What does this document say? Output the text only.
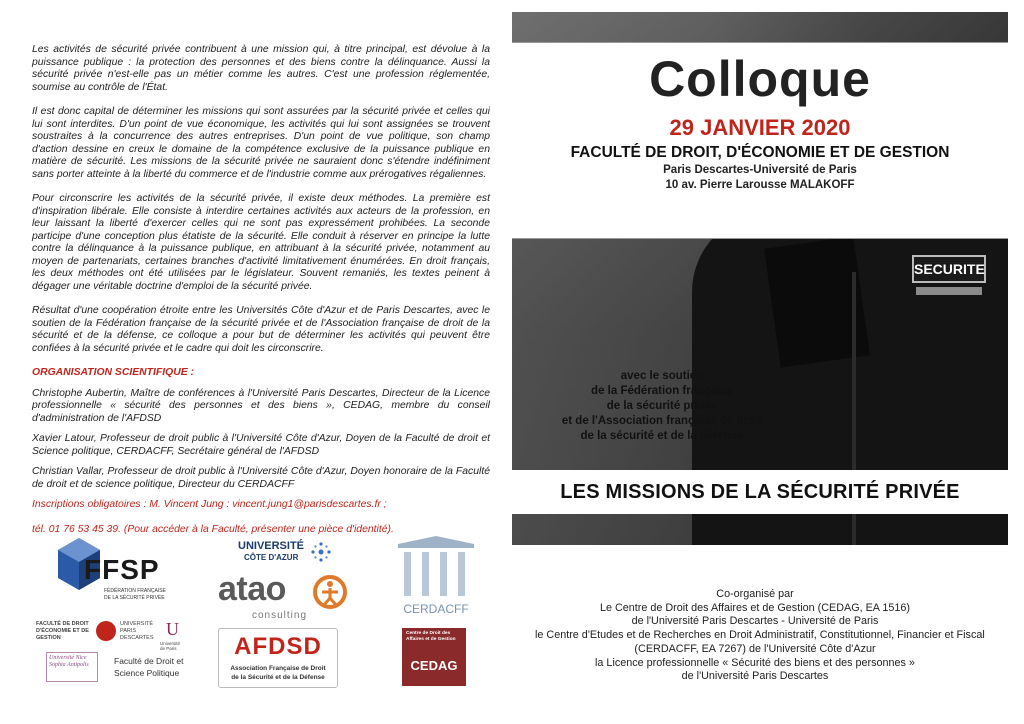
Les activités de sécurité privée contribuent à une mission qui, à titre principal, est dévolue à la puissance publique : la protection des personnes et des biens contre la délinquance. Aussi la sécurité privée n'est-elle pas un métier comme les autres. C'est une profession réglementée, soumise au contrôle de l'État.

Il est donc capital de déterminer les missions qui sont assurées par la sécurité privée et celles qui lui sont interdites. D'un point de vue économique, les activités qui lui sont assignées se trouvent soustraites à la concurrence des autres entreprises. D'un point de vue politique, son champ d'action dessine en creux le domaine de la compétence exclusive de la puissance publique en matière de sécurité. Les missions de la sécurité privée ne sauraient donc s'étendre indéfiniment sans porter atteinte à la liberté du commerce et de l'industrie comme aux prérogatives régaliennes.

Pour circonscrire les activités de la sécurité privée, il existe deux méthodes. La première est d'inspiration libérale. Elle consiste à interdire certaines activités aux acteurs de la profession, en leur laissant la liberté d'exercer celles qui ne sont pas expressément prohibées. La seconde participe d'une conception plus étatiste de la sécurité. Elle conduit à réserver en principe la lutte contre la délinquance à la puissance publique, en attribuant à la sécurité privée, notamment au moyen de partenariats, certaines branches d'activité limitativement énumérées. En droit français, les deux méthodes ont été utilisées par le législateur. Souvent remaniés, les textes peinent à dégager une véritable doctrine d'emploi de la sécurité privée.

Résultat d'une coopération étroite entre les Universités Côte d'Azur et de Paris Descartes, avec le soutien de la Fédération française de la sécurité privée et de l'Association française de droit de la sécurité et de la défense, ce colloque a pour but de déterminer les activités qui peuvent être confiées à la sécurité privée et le cadre qui doit les circonscrire.

ORGANISATION SCIENTIFIQUE :

Christophe Aubertin, Maître de conférences à l'Université Paris Descartes, Directeur de la Licence professionnelle « sécurité des personnes et des biens », CEDAG, membre du conseil d'administration de l'AFDSD

Xavier Latour, Professeur de droit public à l'Université Côte d'Azur, Doyen de la Faculté de droit et Science politique, CERDACFF, Secrétaire général de l'AFDSD

Christian Vallar, Professeur de droit public à l'Université Côte d'Azur, Doyen honoraire de la Faculté de droit et de science politique, Directeur du CERDACFF

Inscriptions obligatoires : M. Vincent Jung : vincent.jung1@parisdescartes.fr ;

tél. 01 76 53 45 39. (Pour accéder à la Faculté, présenter une pièce d'identité).

FFSP
FÉDÉRATION FRANÇAISE
DE LA SÉCURITÉ PRIVÉE
FACULTÉ DE DROIT D'ÉCONOMIE ET DE GESTION
UNIVERSITÉ PARIS DESCARTES U
Université de Paris
Université Nice Sophia Antipolis	Faculté de Droit et
Science Politique
UNIVERSITÉ
CÔTE D'AZUR
atao
consulting
AFDSD
Association Française de Droit
de la Sécurité et de la Défense
CERDACFF
Centre de Droit des Affaires et de Gestion
CEDAG
SECURITE
Colloque
29 JANVIER 2020
FACULTÉ DE DROIT, D'ÉCONOMIE ET DE GESTION
Paris Descartes-Université de Paris
10 av. Pierre Larousse MALAKOFF
avec le soutien
de la Fédération française
de la sécurité privée
et de l'Association française de droit
de la sécurité et de la défense
LES MISSIONS DE LA SÉCURITÉ PRIVÉE
Co-organisé par
Le Centre de Droit des Affaires et de Gestion (CEDAG, EA 1516)
de l'Université Paris Descartes - Université de Paris
le Centre d'Etudes et de Recherches en Droit Administratif, Constitutionnel, Financier et Fiscal
(CERDACFF, EA 7267) de l'Université Côte d'Azur
la Licence professionnelle « Sécurité des biens et des personnes »
de l'Université Paris Descartes
